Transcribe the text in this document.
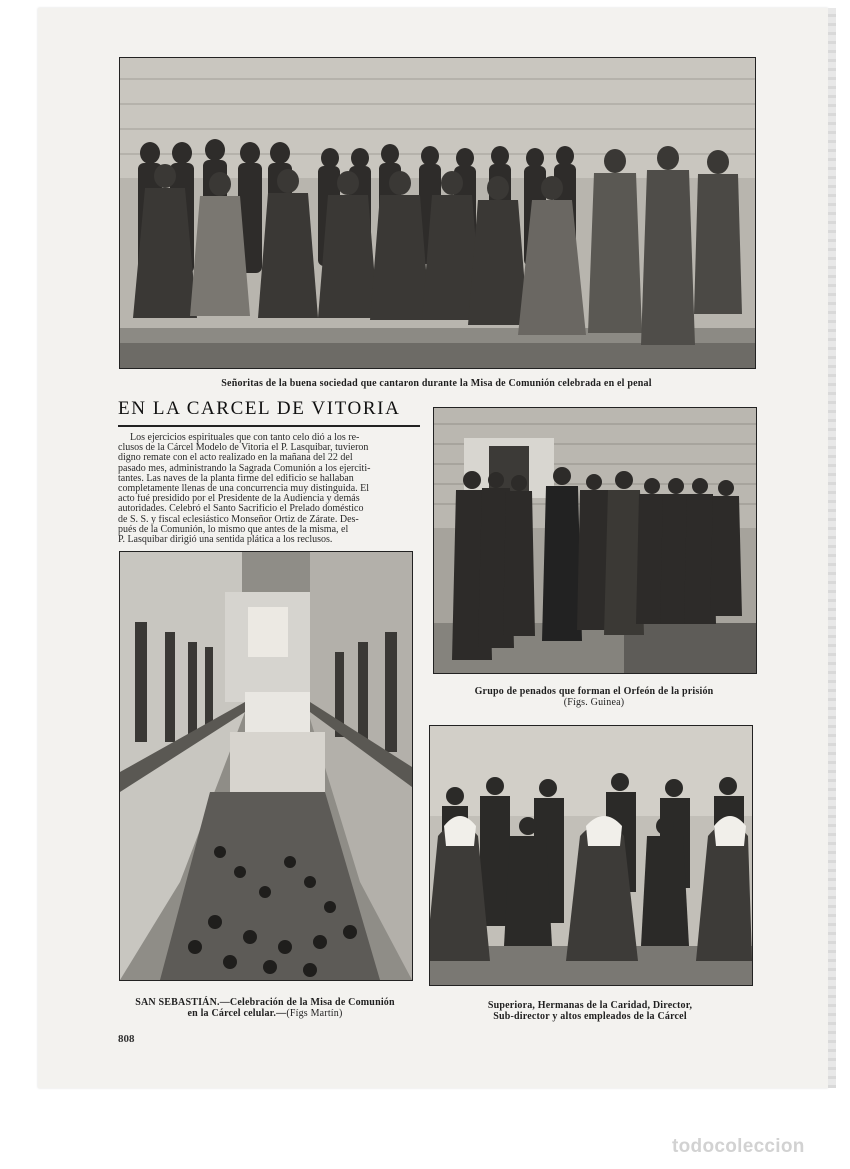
Señoritas de la buena sociedad que cantaron durante la Misa de Comunión celebrada en el penal
EN LA CARCEL DE VITORIA
Los ejercicios espirituales que con tanto celo dió a los re-
clusos de la Cárcel Modelo de Vitoria el P. Lasquibar, tuvieron
digno remate con el acto realizado en la mañana del 22 del
pasado mes, administrando la Sagrada Comunión a los ejerciti-
tantes. Las naves de la planta firme del edificio se hallaban
completamente llenas de una concurrencia muy distinguida. El
acto fué presidido por el Presidente de la Audiencia y demás
autoridades. Celebró el Santo Sacrificio el Prelado doméstico
de S. S. y fiscal eclesiástico Monseñor Ortiz de Zárate. Des-
pués de la Comunión, lo mismo que antes de la misma, el
P. Lasquibar dirigió una sentida plática a los reclusos.
Grupo de penados que forman el Orfeón de la prisión
(Fígs. Guinea)
SAN SEBASTIÁN.—Celebración de la Misa de Comunión
en la Cárcel celular.—(Fígs Martín)
Superiora, Hermanas de la Caridad, Director,
Sub-director y altos empleados de la Cárcel
808
todocoleccion
